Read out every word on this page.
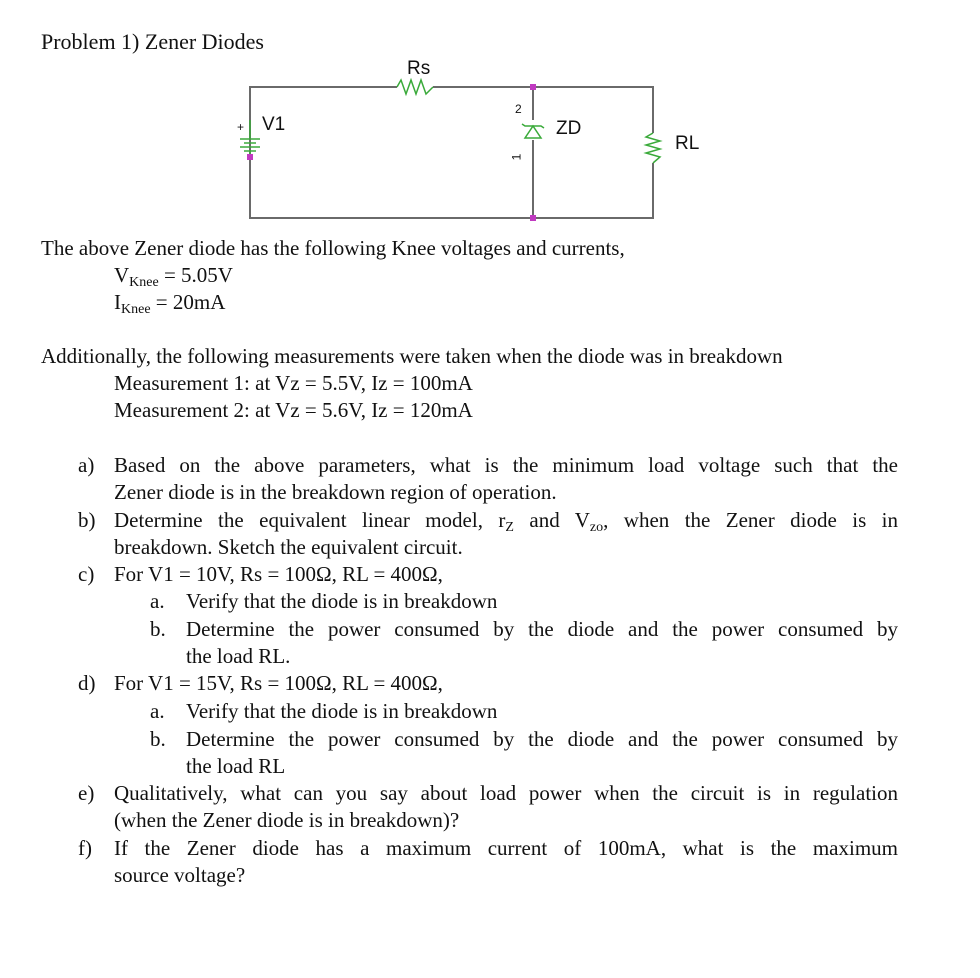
Problem 1) Zener Diodes
Rs
V1
+	ZD
RL
2
1
The above Zener diode has the following Knee voltages and currents,
$V_{Knee} = 5.05V$
$I_{Knee} = 20mA$
Additionally, the following measurements were taken when the diode was in breakdown
Measurement 1: at Vz = 5.5V, Iz = 100mA
Measurement 2: at Vz = 5.6V, Iz = 120mA
a) Based on the above parameters, what is the minimum load voltage such that the
Zener diode is in the breakdown region of operation.
b) Determine the equivalent linear model, $r_Z$ and $V_{zo}$, when the Zener diode is in
breakdown. Sketch the equivalent circuit.
c) For V1 = 10V, Rs = 100Ω, RL = 400Ω,
a. Verify that the diode is in breakdown
b. Determine the power consumed by the diode and the power consumed by
the load RL.
d) For V1 = 15V, Rs = 100Ω, RL = 400Ω,
a. Verify that the diode is in breakdown
b. Determine the power consumed by the diode and the power consumed by
the load RL
e) Qualitatively, what can you say about load power when the circuit is in regulation
(when the Zener diode is in breakdown)?
f) If the Zener diode has a maximum current of 100mA, what is the maximum
source voltage?
